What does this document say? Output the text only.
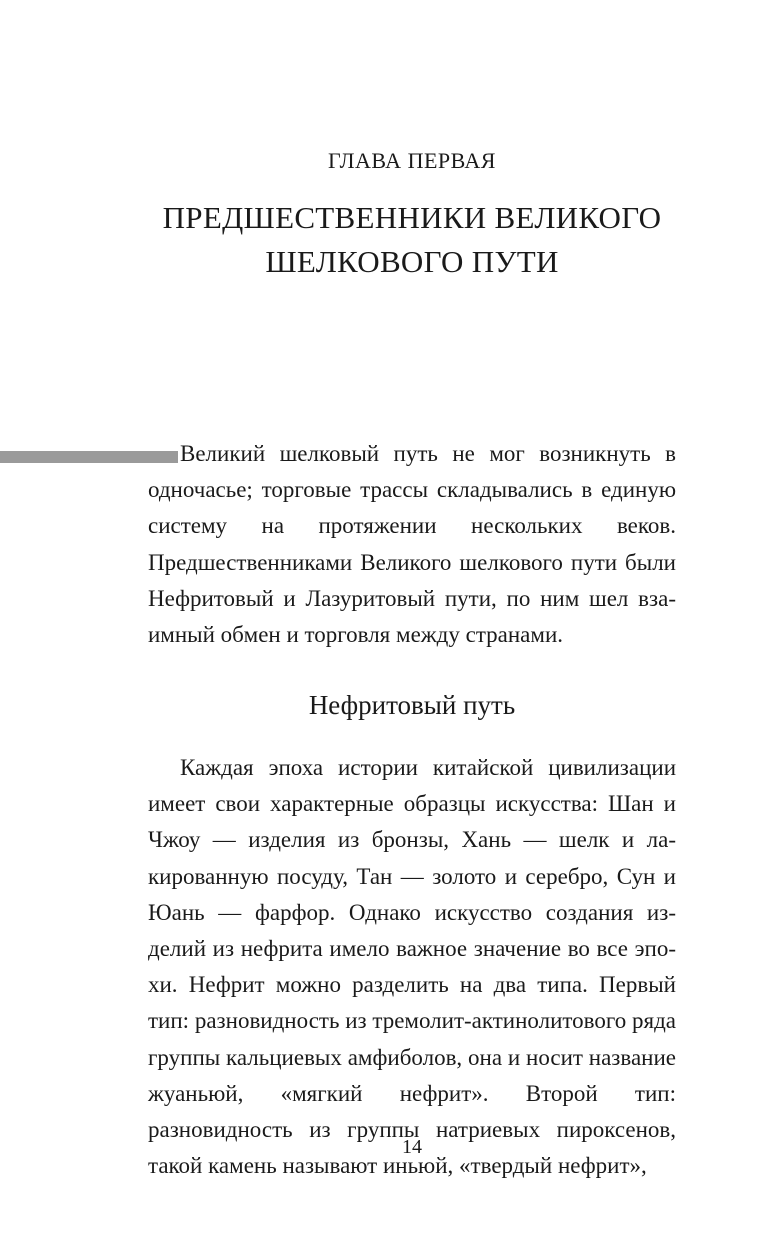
ГЛАВА ПЕРВАЯ
ПРЕДШЕСТВЕННИКИ ВЕЛИКОГО
ШЕЛКОВОГО ПУТИ

Великий шелковый путь не мог возникнуть в одночасье; торговые трассы складывались в единую систему на протяжении нескольких веков. Предшественниками Великого шелкового пути были Нефритовый и Лазуритовый пути, по ним шел взаимный обмен и торговля между странами.

Нефритовый путь

Каждая эпоха истории китайской цивилизации имеет свои характерные образцы искусства: Шан и Чжоу — изделия из бронзы, Хань — шелк и лакированную посуду, Тан — золото и серебро, Сун и Юань — фарфор. Однако искусство создания изделий из нефрита имело важное значение во все эпохи. Нефрит можно разделить на два типа. Первый тип: разновидность из тремолит-актинолитового ряда группы кальциевых амфиболов, она и носит название жуаньюй, «мягкий нефрит». Второй тип: разновидность из группы натриевых пироксенов, такой камень называют иньюй, «твердый нефрит»,

14
